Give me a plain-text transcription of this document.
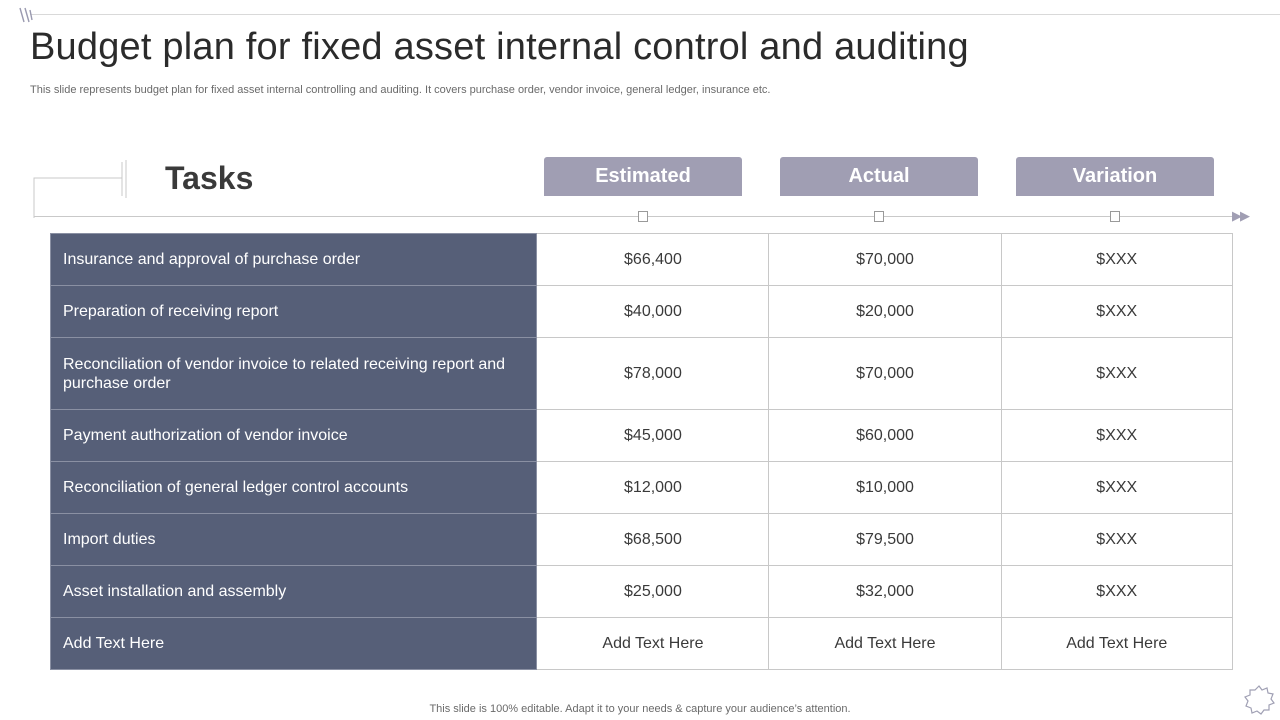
Budget plan for fixed asset internal control and auditing
This slide represents budget plan for fixed asset internal controlling and auditing. It covers purchase order, vendor invoice, general ledger, insurance etc.
Tasks	Estimated	Actual	Variation
▶▶
Insurance and approval of purchase order	$66,400	$70,000	$XXX
Preparation of receiving report	$40,000	$20,000	$XXX
Reconciliation of vendor invoice to related receiving report and purchase order	$78,000	$70,000	$XXX
Payment authorization of vendor invoice	$45,000	$60,000	$XXX
Reconciliation of general ledger control accounts	$12,000	$10,000	$XXX
Import duties	$68,500	$79,500	$XXX
Asset installation and assembly	$25,000	$32,000	$XXX
Add Text Here	Add Text Here	Add Text Here	Add Text Here
This slide is 100% editable. Adapt it to your needs & capture your audience’s attention.
